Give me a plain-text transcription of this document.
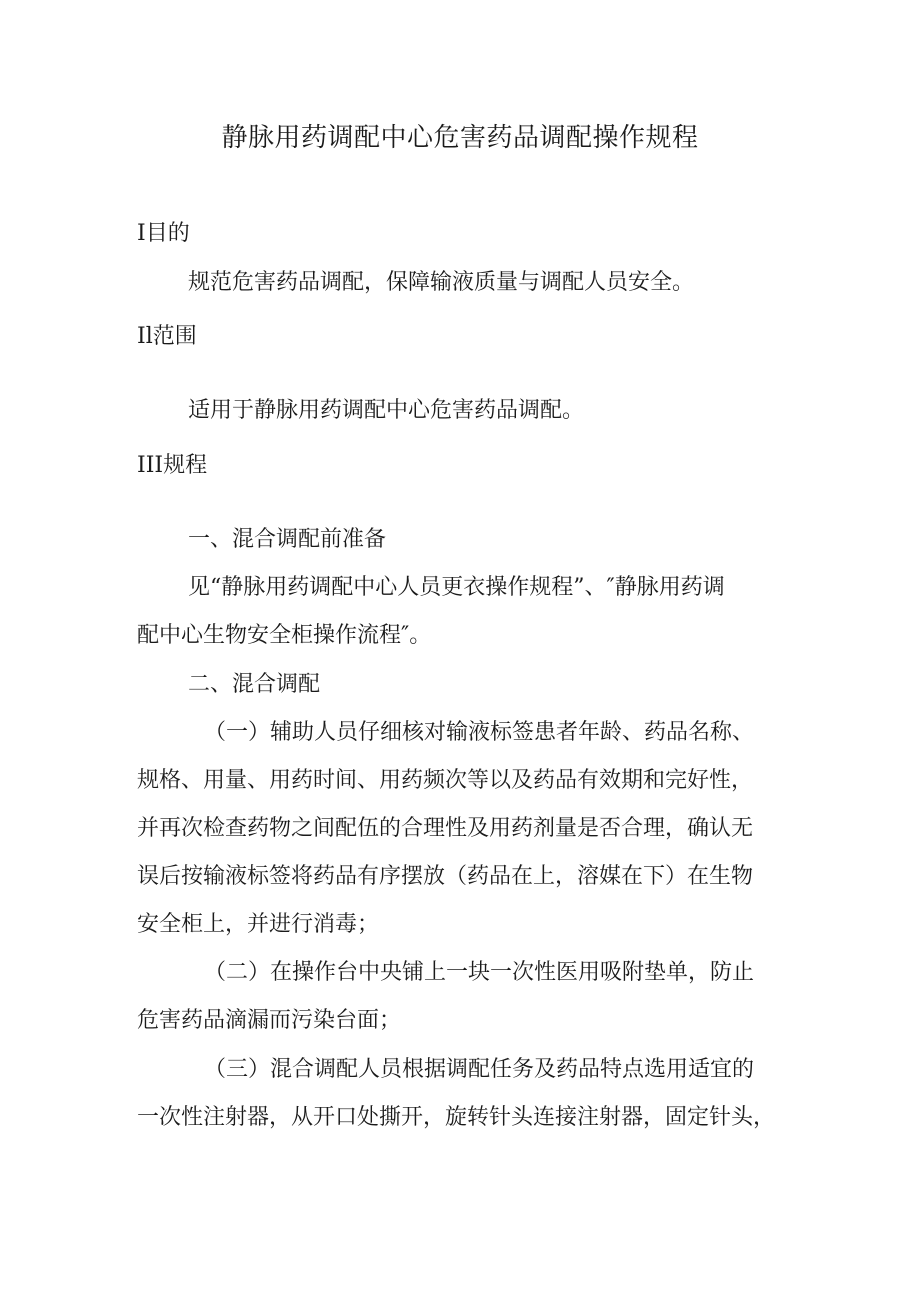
静脉用药调配中心危害药品调配操作规程
I目的
规范危害药品调配，保障输液质量与调配人员安全。
Il范围
适用于静脉用药调配中心危害药品调配。
III规程
一、混合调配前准备
见“静脉用药调配中心人员更衣操作规程”、″静脉用药调
配中心生物安全柜操作流程″。
二、混合调配
（一）辅助人员仔细核对输液标签患者年龄、药品名称、
规格、用量、用药时间、用药频次等以及药品有效期和完好性，
并再次检查药物之间配伍的合理性及用药剂量是否合理，确认无
误后按输液标签将药品有序摆放（药品在上，溶媒在下）在生物
安全柜上，并进行消毒；
（二）在操作台中央铺上一块一次性医用吸附垫单，防止
危害药品滴漏而污染台面；
（三）混合调配人员根据调配任务及药品特点选用适宜的
一次性注射器，从开口处撕开，旋转针头连接注射器，固定针头，
